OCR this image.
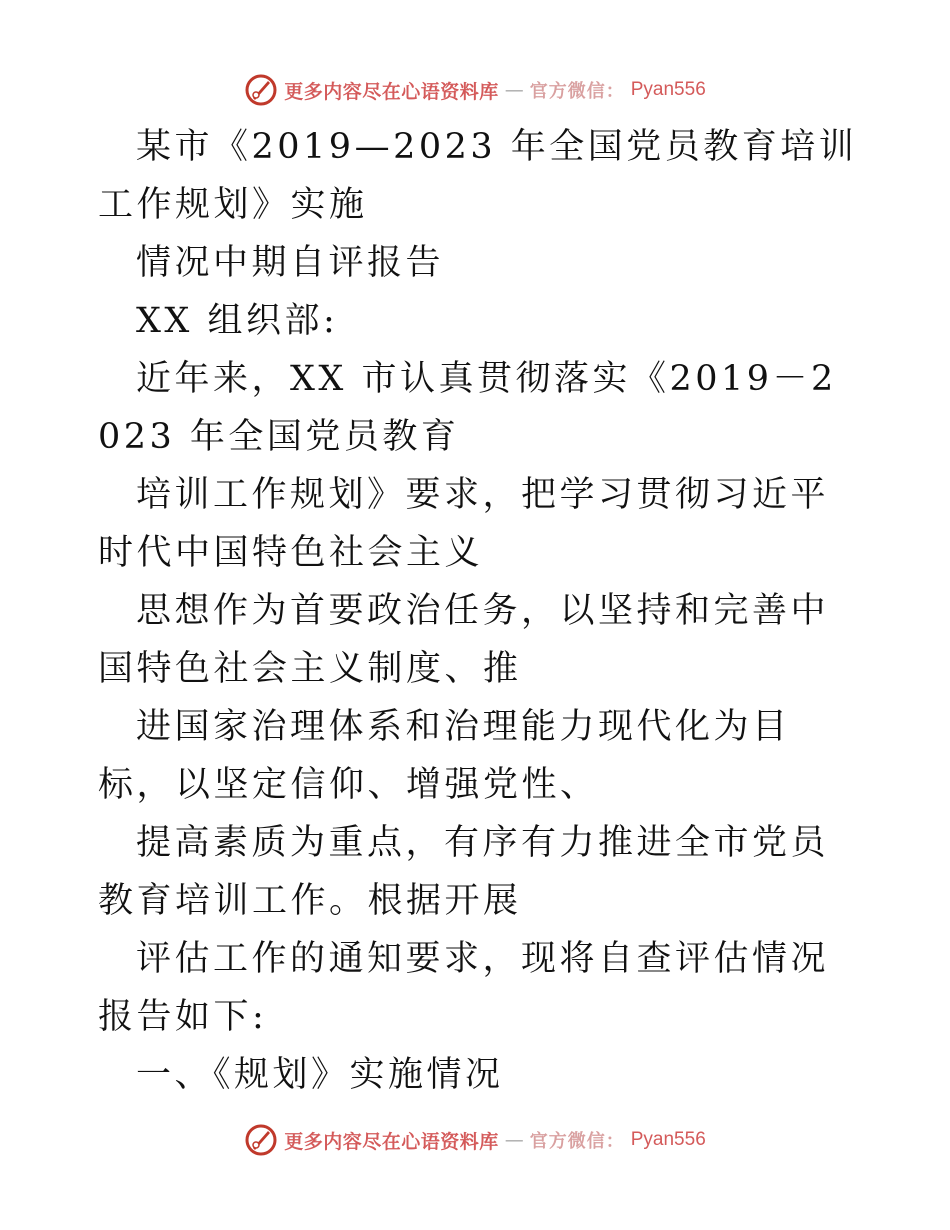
更多内容尽在心语资料库 — 官方微信： Pyan556

某市《2019—2023 年全国党员教育培训工作规划》实施

情况中期自评报告

XX 组织部:

近年来，XX 市认真贯彻落实《2019－2023 年全国党员教育

培训工作规划》要求，把学习贯彻习近平时代中国特色社会主义

思想作为首要政治任务，以坚持和完善中国特色社会主义制度、推

进国家治理体系和治理能力现代化为目标，以坚定信仰、增强党性、

提高素质为重点，有序有力推进全市党员教育培训工作。根据开展

评估工作的通知要求，现将自查评估情况报告如下:

一、《规划》实施情况

更多内容尽在心语资料库 — 官方微信： Pyan556
